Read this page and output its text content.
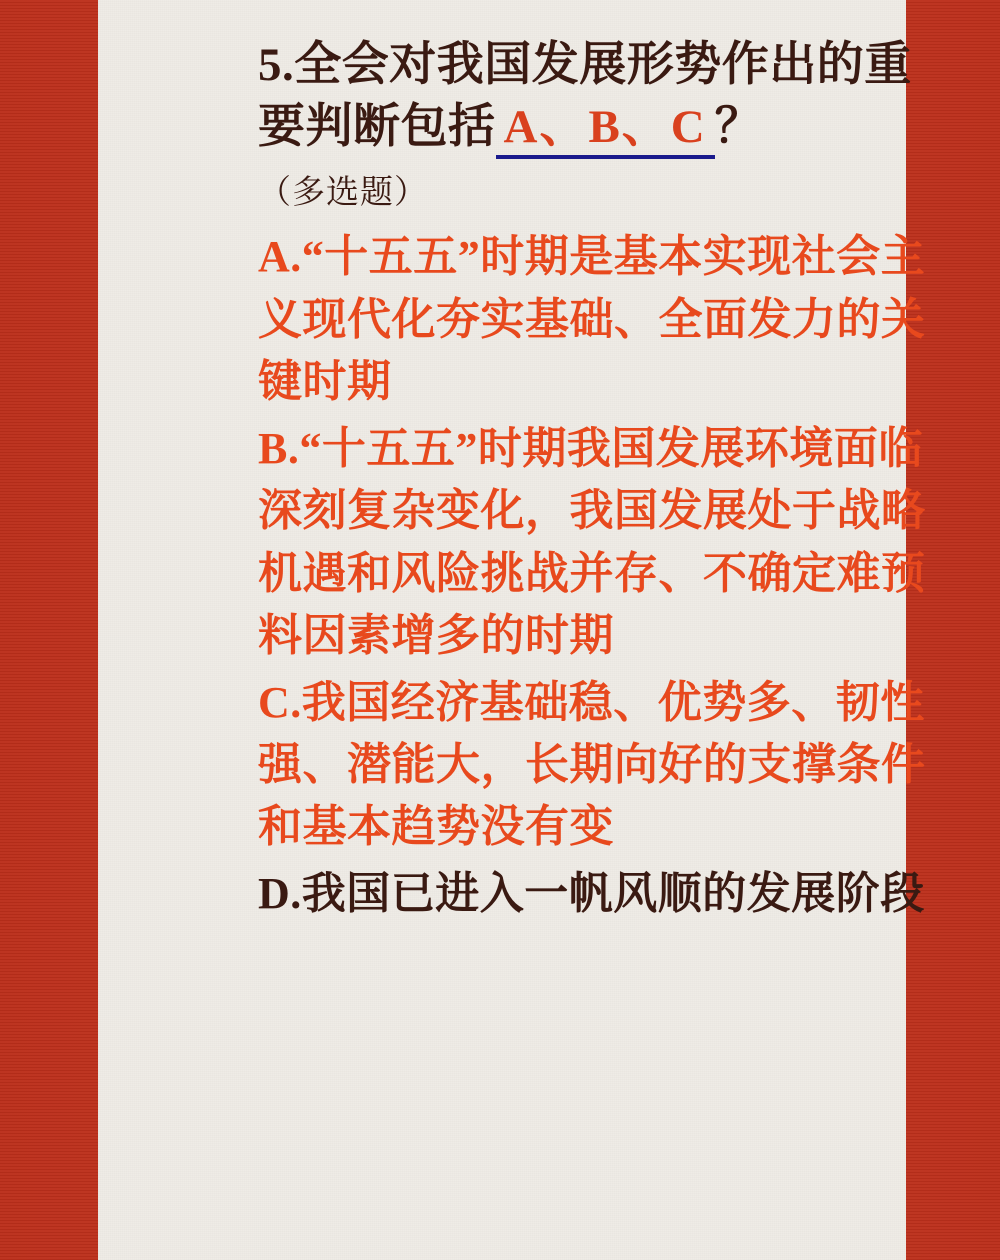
5.全会对我国发展形势作出的重要判断包括 A、B、C ？
（多选题）
A.“十五五”时期是基本实现社会主义现代化夯实基础、全面发力的关键时期
B.“十五五”时期我国发展环境面临深刻复杂变化，我国发展处于战略机遇和风险挑战并存、不确定难预料因素增多的时期
C.我国经济基础稳、优势多、韧性强、潜能大，长期向好的支撑条件和基本趋势没有变
D.我国已进入一帆风顺的发展阶段
